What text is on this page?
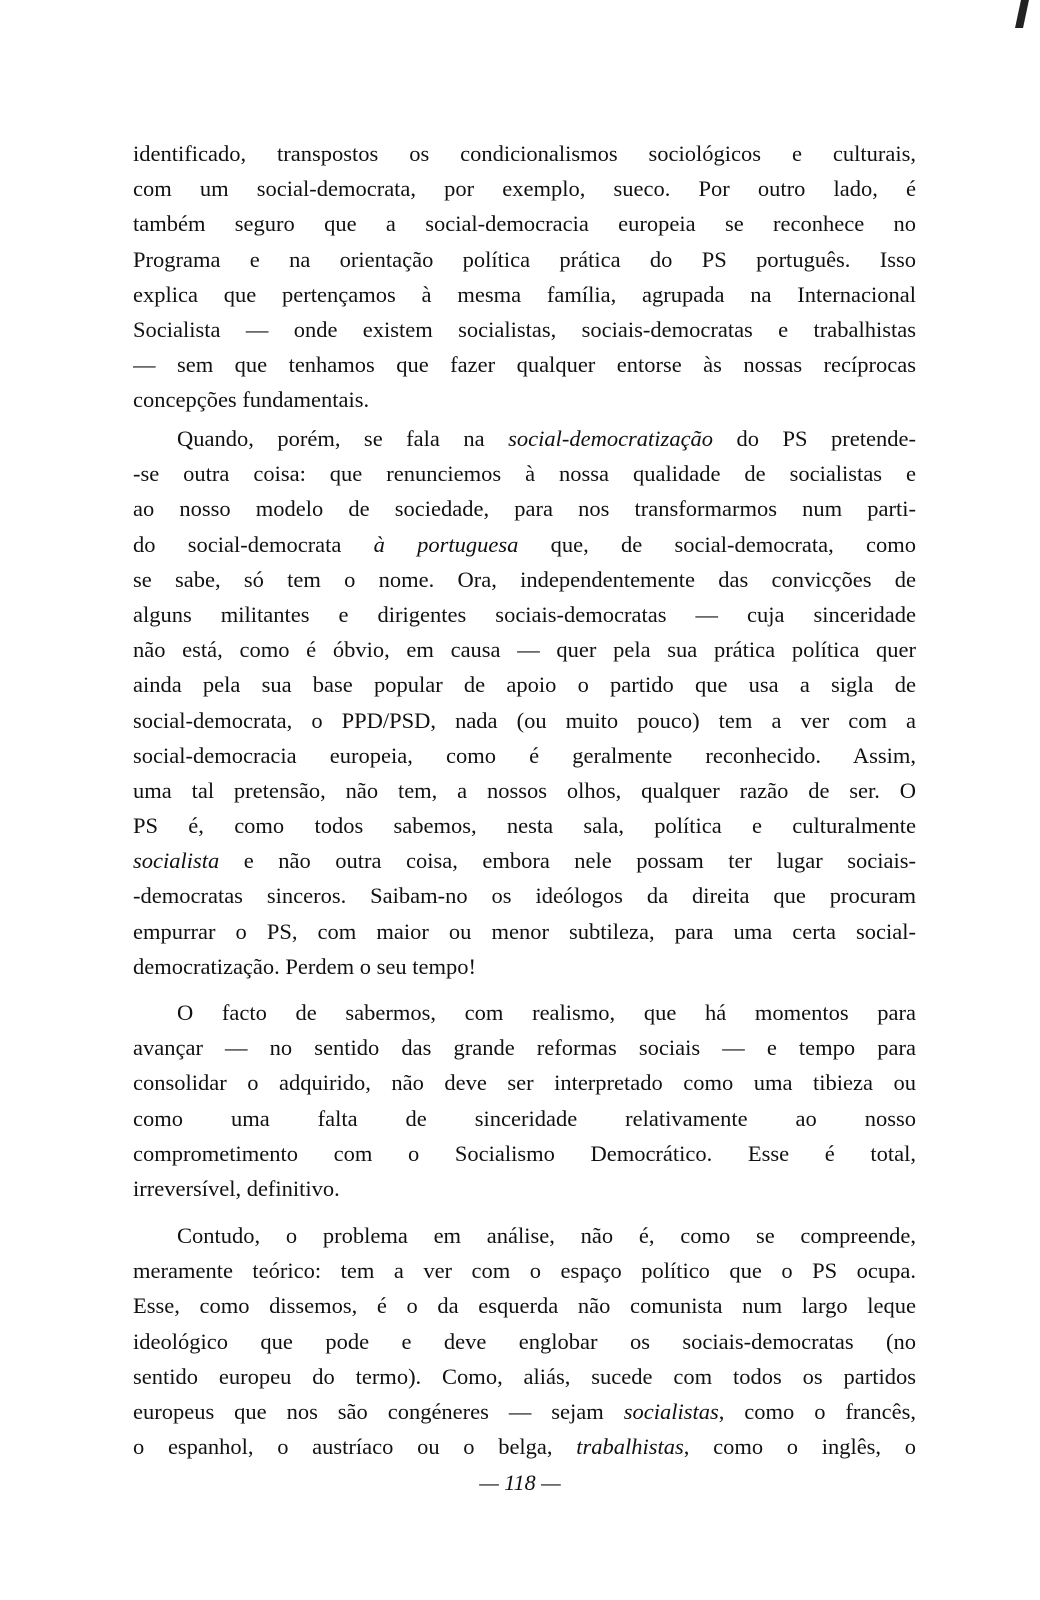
identificado, transpostos os condicionalismos sociológicos e culturais,
com um social-democrata, por exemplo, sueco. Por outro lado, é
também seguro que a social-democracia europeia se reconhece no
Programa e na orientação política prática do PS português. Isso
explica que pertençamos à mesma família, agrupada na Internacional
Socialista — onde existem socialistas, sociais-democratas e trabalhistas
— sem que tenhamos que fazer qualquer entorse às nossas recíprocas
concepções fundamentais.
Quando, porém, se fala na social-democratização do PS pretende-
-se outra coisa: que renunciemos à nossa qualidade de socialistas e
ao nosso modelo de sociedade, para nos transformarmos num parti-
do social-democrata à portuguesa que, de social-democrata, como
se sabe, só tem o nome. Ora, independentemente das convicções de
alguns militantes e dirigentes sociais-democratas — cuja sinceridade
não está, como é óbvio, em causa — quer pela sua prática política quer
ainda pela sua base popular de apoio o partido que usa a sigla de
social-democrata, o PPD/PSD, nada (ou muito pouco) tem a ver com a
social-democracia europeia, como é geralmente reconhecido. Assim,
uma tal pretensão, não tem, a nossos olhos, qualquer razão de ser. O
PS é, como todos sabemos, nesta sala, política e culturalmente
socialista e não outra coisa, embora nele possam ter lugar sociais-
-democratas sinceros. Saibam-no os ideólogos da direita que procuram
empurrar o PS, com maior ou menor subtileza, para uma certa social-
democratização. Perdem o seu tempo!
O facto de sabermos, com realismo, que há momentos para
avançar — no sentido das grande reformas sociais — e tempo para
consolidar o adquirido, não deve ser interpretado como uma tibieza ou
como uma falta de sinceridade relativamente ao nosso
comprometimento com o Socialismo Democrático. Esse é total,
irreversível, definitivo.
Contudo, o problema em análise, não é, como se compreende,
meramente teórico: tem a ver com o espaço político que o PS ocupa.
Esse, como dissemos, é o da esquerda não comunista num largo leque
ideológico que pode e deve englobar os sociais-democratas (no
sentido europeu do termo). Como, aliás, sucede com todos os partidos
europeus que nos são congéneres — sejam socialistas, como o francês,
o espanhol, o austríaco ou o belga, trabalhistas, como o inglês, o
— 118 —
